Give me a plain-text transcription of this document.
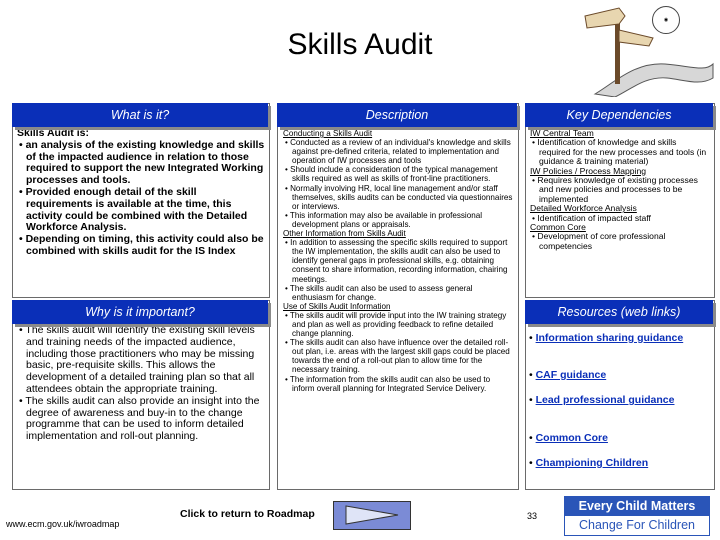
Skills Audit
◉
Skills Audit is:
• an analysis of the existing knowledge and skills of the impacted audience in relation to those required to support the new Integrated Working processes and tools.
• Provided enough detail of the skill requirements is available at the time, this activity could be combined with the Detailed Workforce Analysis.
• Depending on timing, this activity could also be combined with skills audit for the IS Index
What is it?
• The skills audit will identify the existing skill levels and training needs of the impacted audience, including those practitioners who may be missing basic, pre-requisite skills. This allows the development of a detailed training plan so that all attendees obtain the appropriate training.
• The skills audit can also provide an insight into the degree of awareness and buy-in to the change programme that can be used to inform detailed implementation and roll-out planning.
Why is it important?
Conducting a Skills Audit
• Conducted as a review of an individual's knowledge and skills against pre-defined criteria, related to implementation and operation of IW processes and tools
• Should include a consideration of the typical management skills required as well as skills of front-line practitioners.
• Normally involving HR, local line management and/or staff themselves, skills audits can be conducted via questionnaires or interviews.
• This information may also be available in professional development plans or appraisals.
Other Information from Skills Audit
• In addition to assessing the specific skills required to support the IW implementation, the skills audit can also be used to identify general gaps in professional skills, e.g. obtaining consent to share information, recording information, chairing meetings.
• The skills audit can also be used to assess general enthusiasm for change.
Use of Skills Audit Information
• The skills audit will provide input into the IW training strategy and plan as well as providing feedback to refine detailed change planning.
• The skills audit can also have influence over the detailed roll-out plan, i.e. areas with the largest skill gaps could be placed towards the end of a roll-out plan to allow time for the necessary training.
• The information from the skills audit can also be used to inform overall planning for Integrated Service Delivery.
Description
IW Central Team
• Identification of knowledge and skills required for the new processes and tools (in guidance & training material)
IW Policies / Process Mapping
• Requires knowledge of existing processes and new policies and processes to be implemented
Detailed Workforce Analysis
• Identification of impacted staff
Common Core
• Development of core professional competencies
Key Dependencies
Resources (web links)
• Information sharing guidance
• CAF guidance
• Lead professional guidance
• Common Core
• Championing Children
www.ecm.gov.uk/iwroadmap
Click to return to Roadmap	33
Every Child Matters
Change For Children
